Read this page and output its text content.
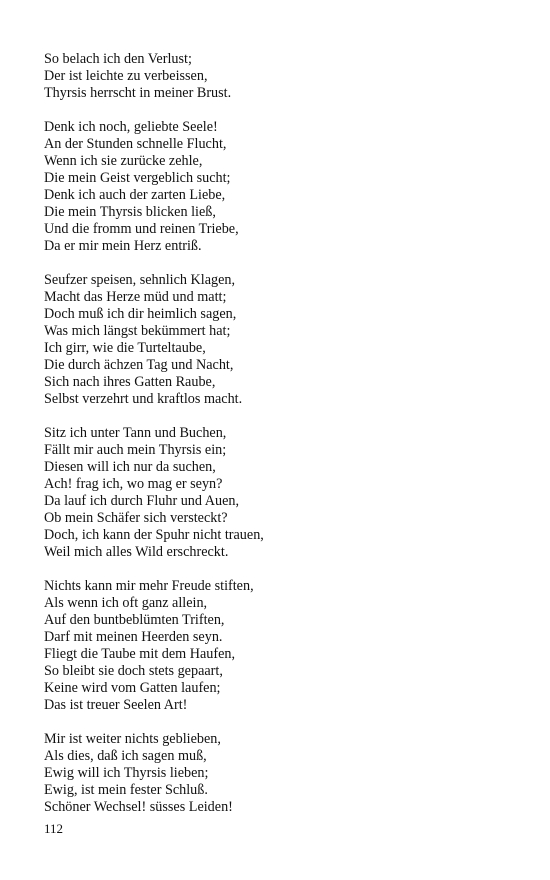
So belach ich den Verlust;
Der ist leichte zu verbeissen,
Thyrsis herrscht in meiner Brust.
Denk ich noch, geliebte Seele!
An der Stunden schnelle Flucht,
Wenn ich sie zurücke zehle,
Die mein Geist vergeblich sucht;
Denk ich auch der zarten Liebe,
Die mein Thyrsis blicken ließ,
Und die fromm und reinen Triebe,
Da er mir mein Herz entriß.
Seufzer speisen, sehnlich Klagen,
Macht das Herze müd und matt;
Doch muß ich dir heimlich sagen,
Was mich längst bekümmert hat;
Ich girr, wie die Turteltaube,
Die durch ächzen Tag und Nacht,
Sich nach ihres Gatten Raube,
Selbst verzehrt und kraftlos macht.
Sitz ich unter Tann und Buchen,
Fällt mir auch mein Thyrsis ein;
Diesen will ich nur da suchen,
Ach! frag ich, wo mag er seyn?
Da lauf ich durch Fluhr und Auen,
Ob mein Schäfer sich versteckt?
Doch, ich kann der Spuhr nicht trauen,
Weil mich alles Wild erschreckt.
Nichts kann mir mehr Freude stiften,
Als wenn ich oft ganz allein,
Auf den buntbeblümten Triften,
Darf mit meinen Heerden seyn.
Fliegt die Taube mit dem Haufen,
So bleibt sie doch stets gepaart,
Keine wird vom Gatten laufen;
Das ist treuer Seelen Art!
Mir ist weiter nichts geblieben,
Als dies, daß ich sagen muß,
Ewig will ich Thyrsis lieben;
Ewig, ist mein fester Schluß.
Schöner Wechsel! süsses Leiden!
112
